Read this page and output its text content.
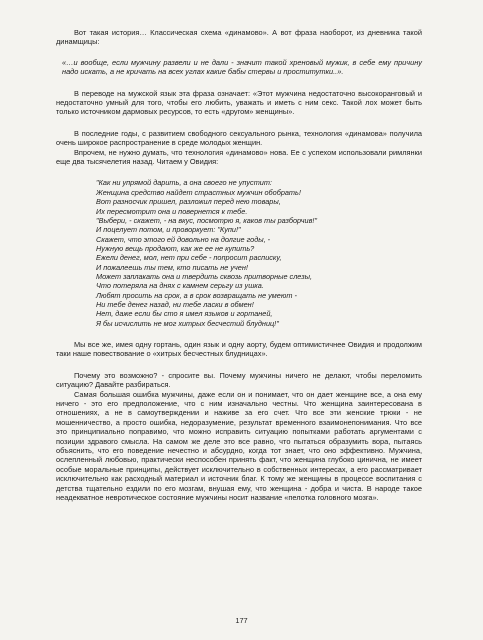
Вот такая история… Классическая схема «динамово». А вот фраза наоборот, из дневника такой динамщицы:

«…и вообще, если мужчину развели и не дали - значит такой хреновый мужик, в себе ему причину надо искать, а не кричать на всех углах какие бабы стервы и проститутки..».

В переводе на мужской язык эта фраза означает: «Этот мужчина недостаточно высокоранговый и недостаточно умный для того, чтобы его любить, уважать и иметь с ним секс. Такой лох может быть только источником дармовых ресурсов, то есть «другом» женщины».

В последние годы, с развитием свободного сексуального рынка, технология «динамова» получила очень широкое распространение в среде молодых женщин.

Впрочем, не нужно думать, что технология «динамово» нова. Ее с успехом использовали римлянки еще два тысячелетия назад. Читаем у Овидия:

"Как ни упрямой дарить, а она своего не упустит:
Женщина средство найдет страстных мужчин обобрать!
Вот разносчик пришел, разложил перед нею товары,
Их пересмотрит она и повернется к тебе.
"Выбери, - скажет, - на вкус, посмотрю я, каков ты разборчив!"
И поцелует потом, и проворкует: "Купи!"
Скажет, что этого ей довольно на долгие годы, -
Нужную вещь продают, как же ее не купить?
Ежели денег, мол, нет при себе - попросит расписку,
И пожалеешь ты тем, кто писать не учен!
Может заплакать она и твердить сквозь притворные слезы,
Что потеряла на днях с камнем серьгу из ушка.
Любят просить на срок, а в срок возвращать не умеют -
Ни тебе денег назад, ни тебе ласки в обмен!
Нет, даже если бы сто я имел языков и гортаней,
Я бы исчислить не мог хитрых бесчестий блудниц!"

Мы все же, имея одну гортань, один язык и одну аорту, будем оптимистичнее Овидия и продолжим таки наше повествование о «хитрых бесчестных блудницах».

Почему это возможно? - спросите вы. Почему мужчины ничего не делают, чтобы переломить ситуацию? Давайте разбираться.

Самая большая ошибка мужчины, даже если он и понимает, что он дает женщине все, а она ему ничего - это его предположение, что с ним изначально честны. Что женщина заинтересована в отношениях, а не в самоутверждении и наживе за его счет. Что все эти женские трюки - не мошенничество, а просто ошибка, недоразумение, результат временного взаимонепонимания. Что все это принципиально поправимо, что можно исправить ситуацию попытками работать аргументами с позиции здравого смысла. На самом же деле это все равно, что пытаться образумить вора, пытаясь объяснить, что его поведение нечестно и абсурдно, когда тот знает, что оно эффективно. Мужчина, ослепленный любовью, практически неспособен принять факт, что женщина глубоко цинична, не имеет особые моральные принципы, действует исключительно в собственных интересах, а его рассматривает исключительно как расходный материал и источник благ. К тому же женщины в процессе воспитания с детства тщательно ездили по его мозгам, внушая ему, что женщина - добра и чиста. В народе такое неадекватное невротическое состояние мужчины носит название «пелотка головного мозга».

177
